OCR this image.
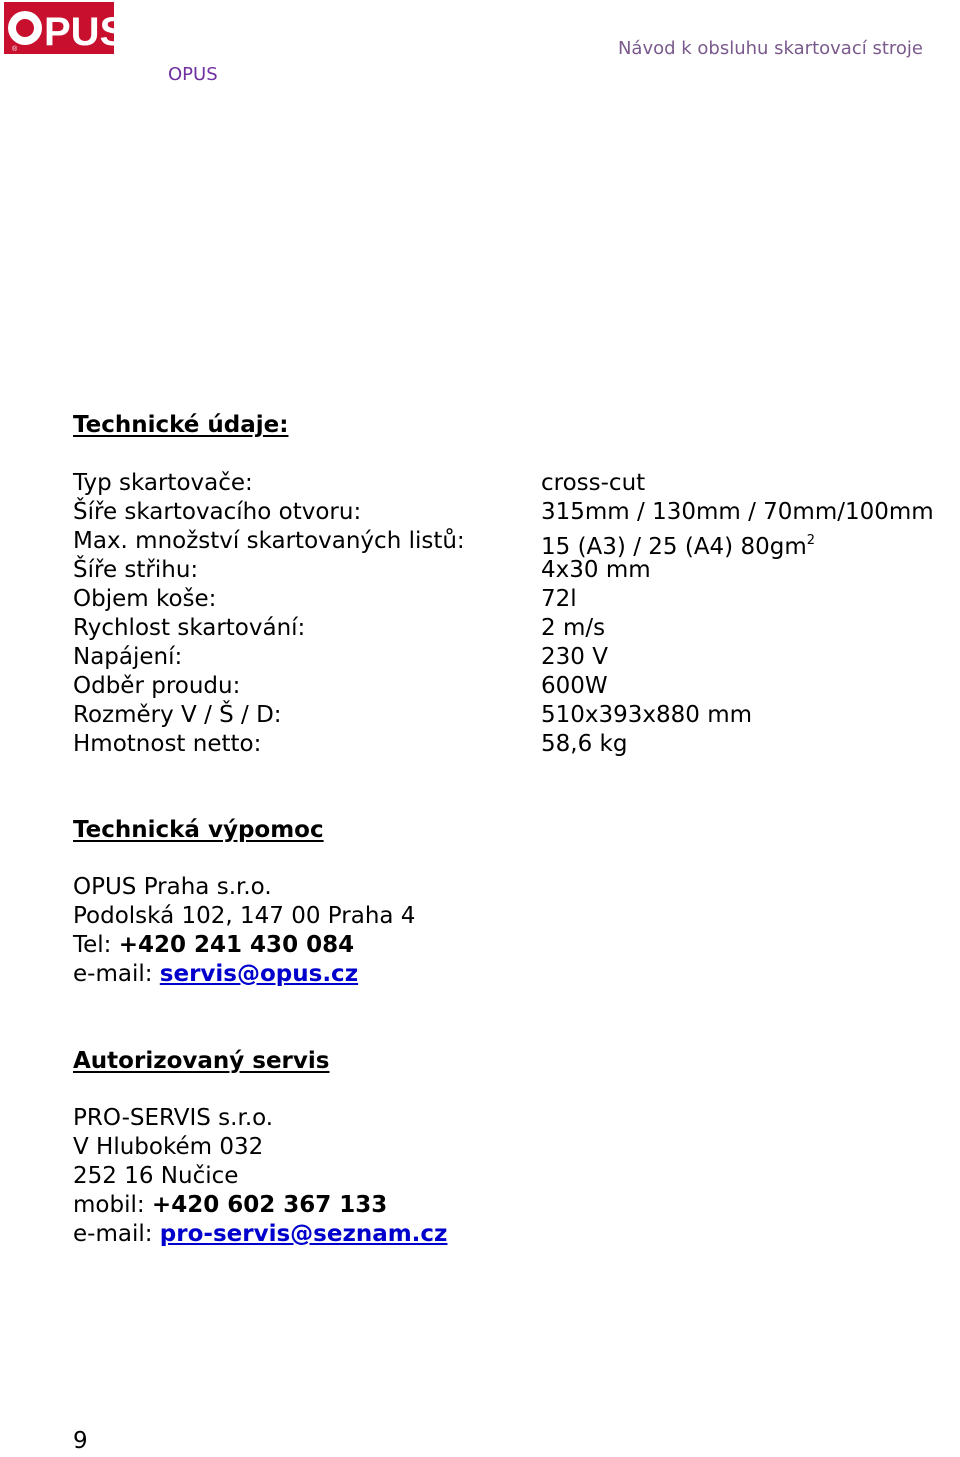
PUS
®
OPUS
Návod k obsluhu skartovací stroje
Technické údaje:
Typ skartovače:	cross-cut
Šíře skartovacího otvoru:	315mm / 130mm / 70mm/100mm
Max. množství skartovaných listů:	15 (A3) / 25 (A4) $80gm^2$
Šíře střihu:	4x30 mm
Objem koše:	72l
Rychlost skartování:	2 m/s
Napájení:	230 V
Odběr proudu:	600W
Rozměry V / Š / D:	510x393x880 mm
Hmotnost netto:	58,6 kg
Technická výpomoc
OPUS Praha s.r.o.
Podolská 102, 147 00 Praha 4
Tel: +420 241 430 084
e-mail: servis@opus.cz
Autorizovaný servis
PRO-SERVIS s.r.o.
V Hlubokém 032
252 16 Nučice
mobil: +420 602 367 133
e-mail: pro-servis@seznam.cz
9
